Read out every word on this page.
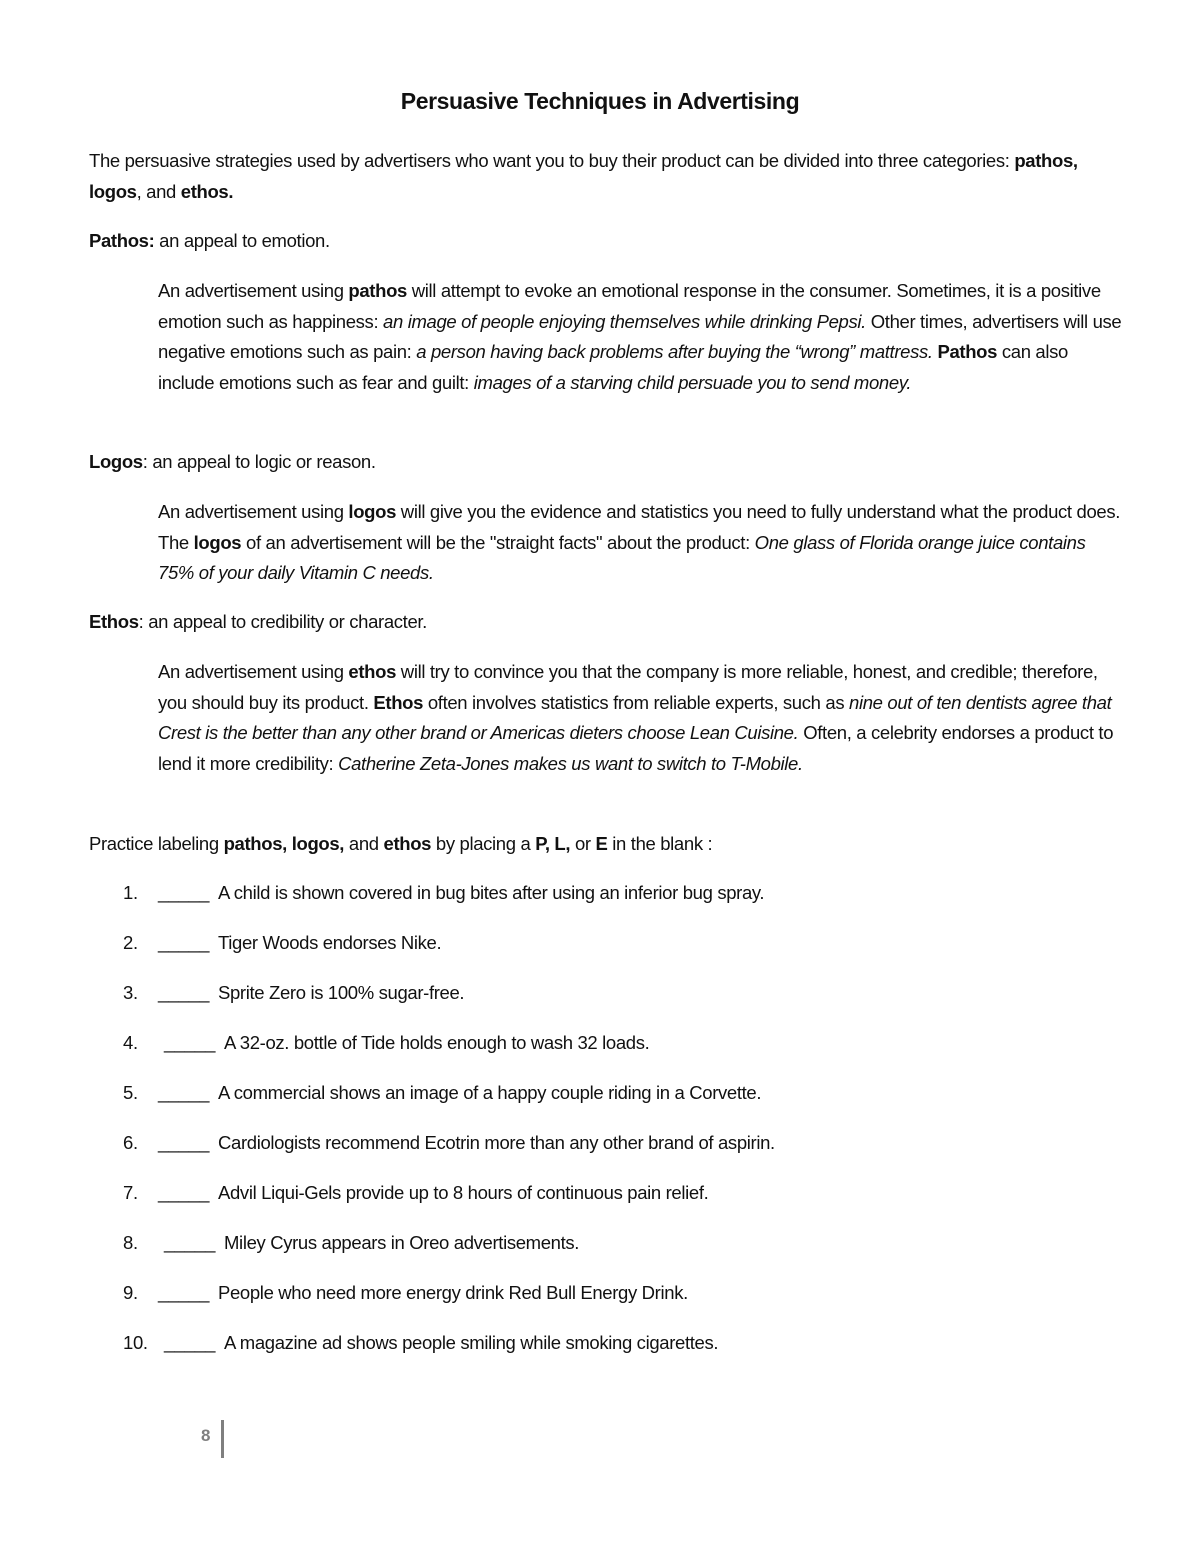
Persuasive Techniques in Advertising

The persuasive strategies used by advertisers who want you to buy their product can be divided into three categories: pathos, logos, and ethos.

Pathos: an appeal to emotion.

An advertisement using pathos will attempt to evoke an emotional response in the consumer. Sometimes, it is a positive emotion such as happiness: an image of people enjoying themselves while drinking Pepsi. Other times, advertisers will use negative emotions such as pain: a person having back problems after buying the “wrong” mattress. Pathos can also include emotions such as fear and guilt: images of a starving child persuade you to send money.

Logos: an appeal to logic or reason.

An advertisement using logos will give you the evidence and statistics you need to fully understand what the product does. The logos of an advertisement will be the "straight facts" about the product: One glass of Florida orange juice contains 75% of your daily Vitamin C needs.

Ethos: an appeal to credibility or character.

An advertisement using ethos will try to convince you that the company is more reliable, honest, and credible; therefore, you should buy its product. Ethos often involves statistics from reliable experts, such as nine out of ten dentists agree that Crest is the better than any other brand or Americas dieters choose Lean Cuisine. Often, a celebrity endorses a product to lend it more credibility: Catherine Zeta-Jones makes us want to switch to T-Mobile.

Practice labeling pathos, logos, and ethos by placing a P, L, or E in the blank :

1.	_____ A child is shown covered in bug bites after using an inferior bug spray.
2.	_____ Tiger Woods endorses Nike.
3.	_____ Sprite Zero is 100% sugar-free.
4.	_____ A 32-oz. bottle of Tide holds enough to wash 32 loads.
5.	_____ A commercial shows an image of a happy couple riding in a Corvette.
6.	_____ Cardiologists recommend Ecotrin more than any other brand of aspirin.
7.	_____ Advil Liqui-Gels provide up to 8 hours of continuous pain relief.
8.	_____ Miley Cyrus appears in Oreo advertisements.
9.	_____ People who need more energy drink Red Bull Energy Drink.
10. _____ A magazine ad shows people smiling while smoking cigarettes.
8
